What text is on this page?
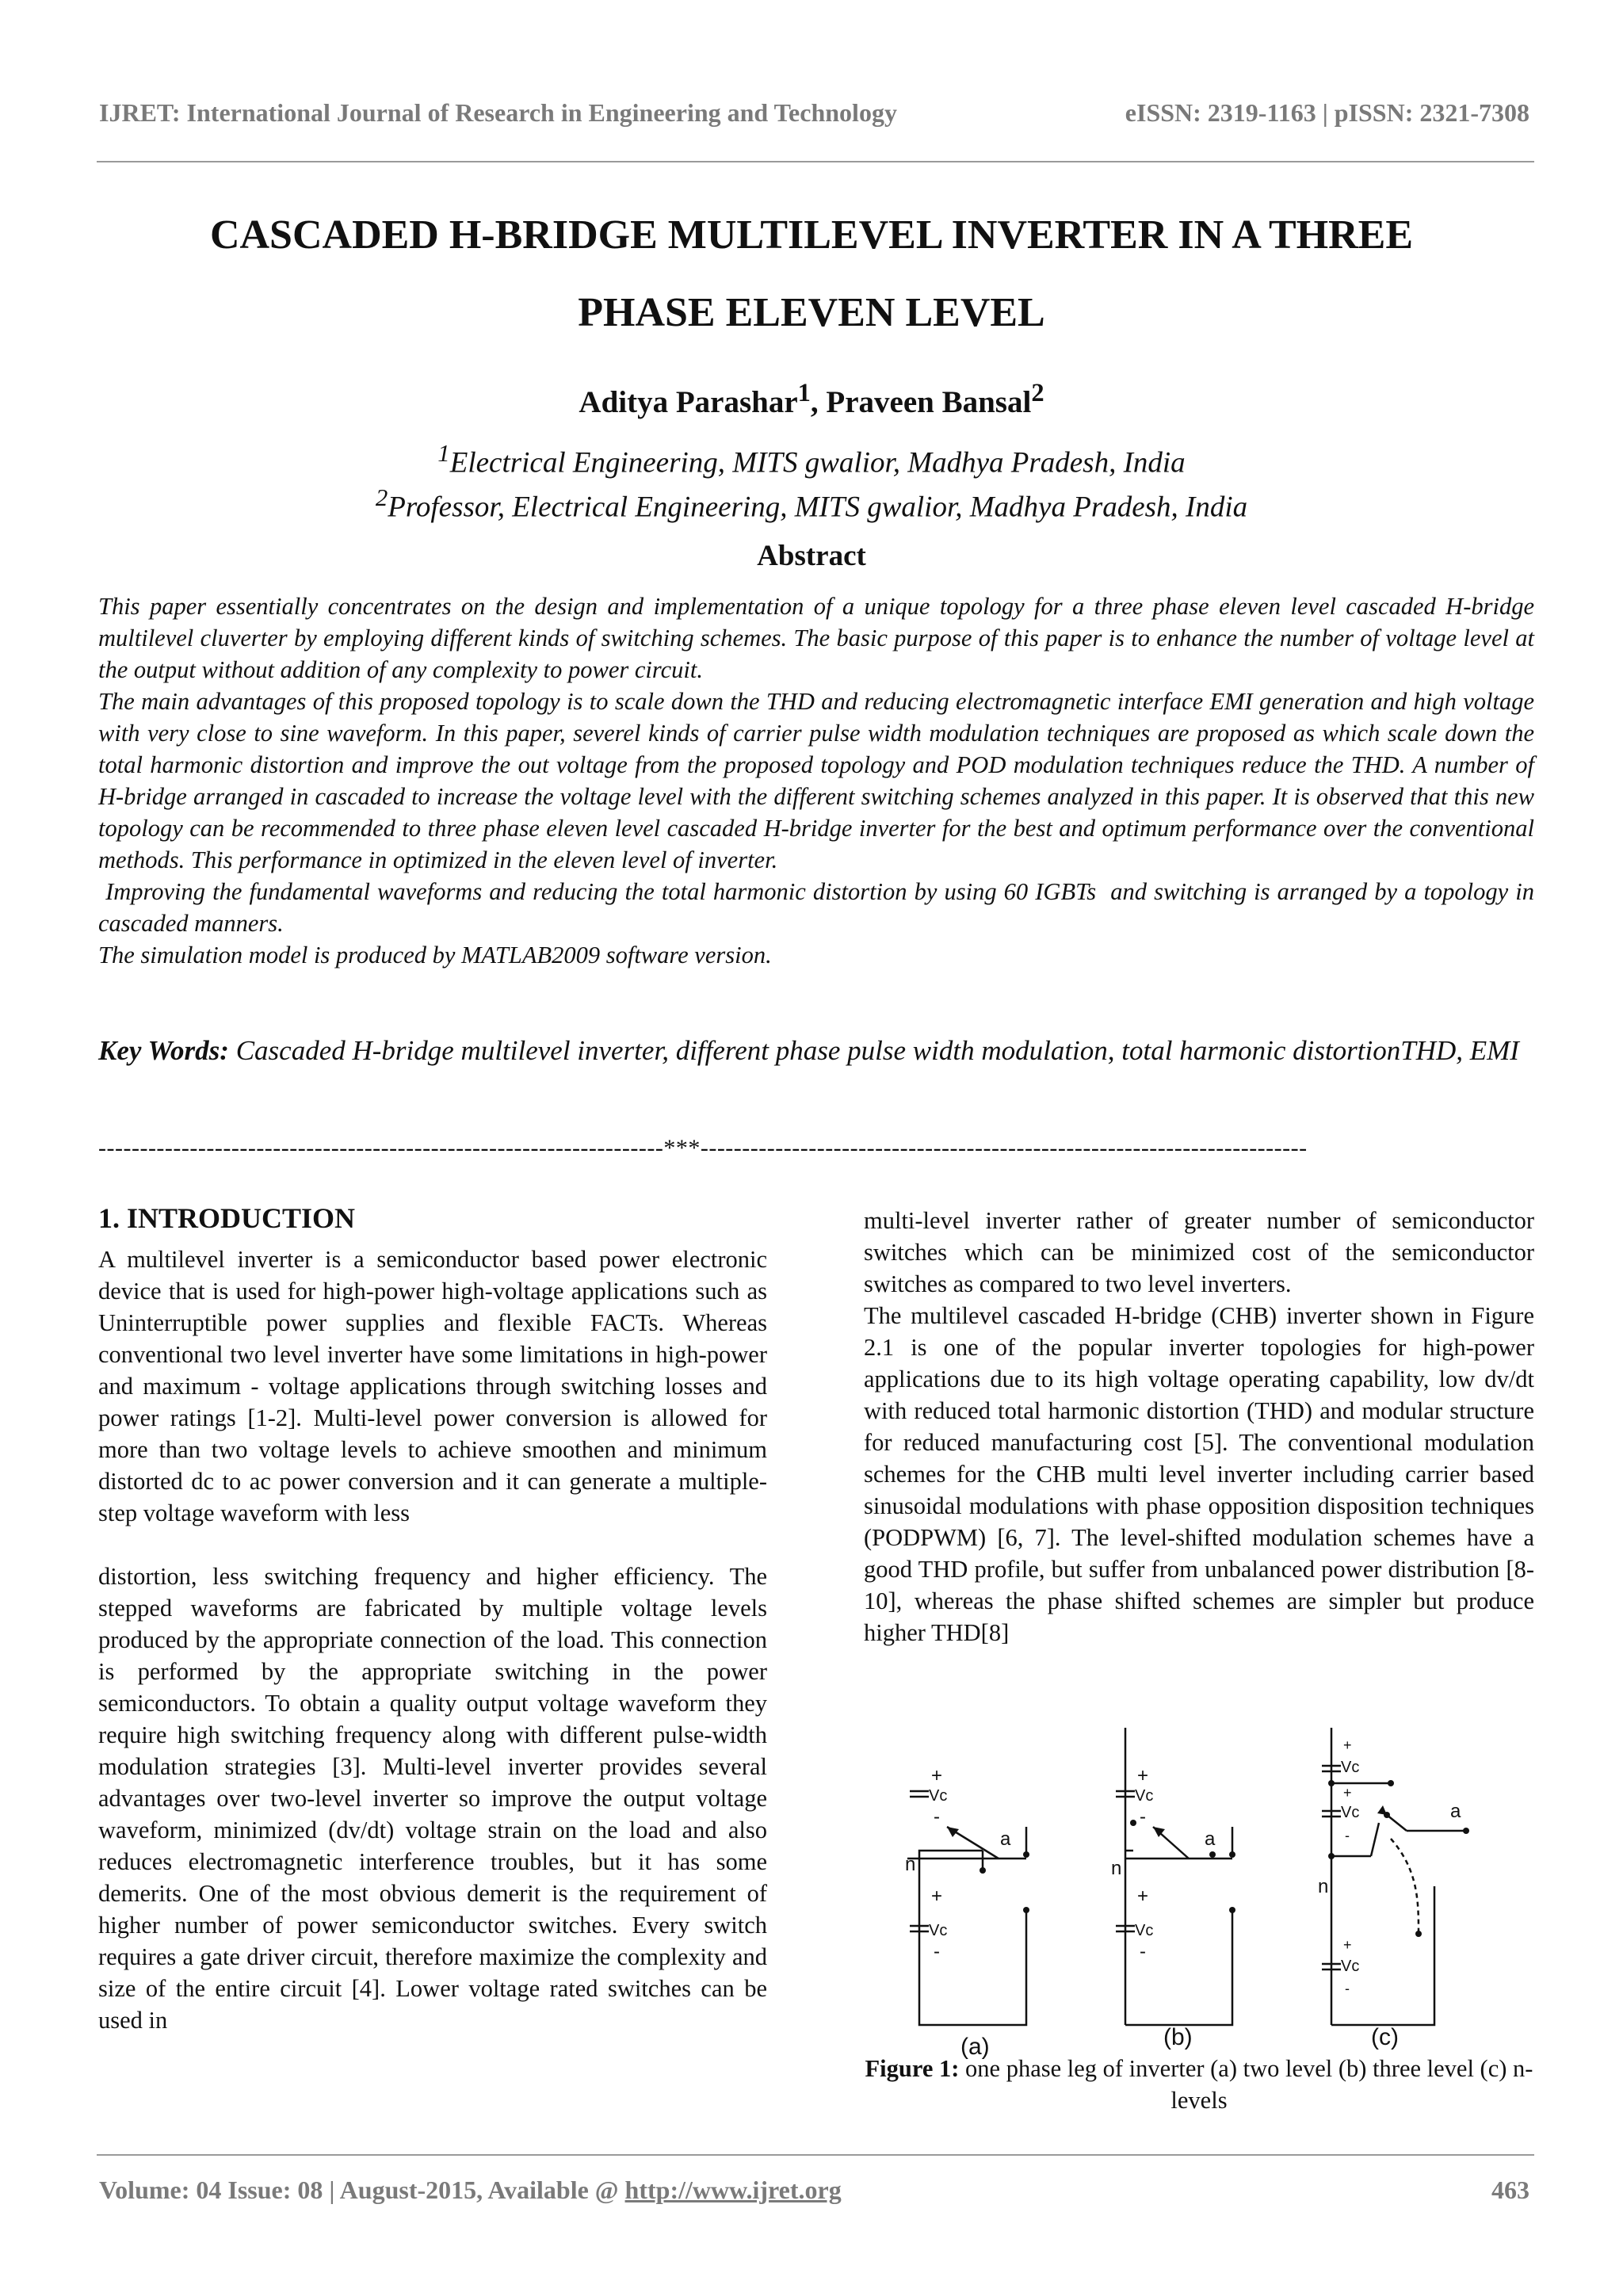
IJRET: International Journal of Research in Engineering and Technology	eISSN: 2319-1163 | pISSN: 2321-7308
CASCADED H-BRIDGE MULTILEVEL INVERTER IN A THREE
PHASE ELEVEN LEVEL
Aditya Parashar$^1$, Praveen Bansal$^2$
$^1$Electrical Engineering, MITS gwalior, Madhya Pradesh, India
$^2$Professor, Electrical Engineering, MITS gwalior, Madhya Pradesh, India
Abstract

This paper essentially concentrates on the design and implementation of a unique topology for a three phase eleven level cascaded H-bridge multilevel cluverter by employing different kinds of switching schemes. The basic purpose of this paper is to enhance the number of voltage level at the output without addition of any complexity to power circuit.

The main advantages of this proposed topology is to scale down the THD and reducing electromagnetic interface EMI generation and high voltage with very close to sine waveform. In this paper, severel kinds of carrier pulse width modulation techniques are proposed as which scale down the total harmonic distortion and improve the out voltage from the proposed topology and POD modulation techniques reduce the THD. A number of H-bridge arranged in cascaded to increase the voltage level with the different switching schemes analyzed in this paper. It is observed that this new topology can be recommended to three phase eleven level cascaded H-bridge inverter for the best and optimum performance over the conventional methods. This performance in optimized in the eleven level of inverter.

Improving the fundamental waveforms and reducing the total harmonic distortion by using 60 IGBTs  and switching is arranged by a topology in cascaded manners.

The simulation model is produced by MATLAB2009 software version.

Key Words: Cascaded H-bridge multilevel inverter, different phase pulse width modulation, total harmonic distortionTHD, EMI
--------------------------------------------------------------------***-------------------------------------------------------------------------
1. INTRODUCTION

A multilevel inverter is a semiconductor based power electronic device that is used for high-power high-voltage applications such as Uninterruptible power supplies and flexible FACTs. Whereas conventional two level inverter have some limitations in high-power and maximum - voltage applications through switching losses and power ratings [1-2]. Multi-level power conversion is allowed for more than two voltage levels to achieve smoothen and minimum distorted dc to ac power conversion and it can generate a multiple-step voltage waveform with less

distortion, less switching frequency and higher efficiency. The stepped waveforms are fabricated by multiple voltage levels produced by the appropriate connection of the load. This connection is performed by the appropriate switching in the power semiconductors. To obtain a quality output voltage waveform they require high switching frequency along with different pulse-width modulation strategies [3]. Multi-level inverter provides several advantages over two-level inverter so improve the output voltage waveform, minimized (dv/dt) voltage strain on the load and also reduces electromagnetic interference troubles, but it has some demerits. One of the most obvious demerit is the requirement of higher number of power semiconductor switches. Every switch requires a gate driver circuit, therefore maximize the complexity and size of the entire circuit [4]. Lower voltage rated switches can be used in

multi-level inverter rather of greater number of semiconductor switches which can be minimized cost of the semiconductor switches as compared to two level inverters.

The multilevel cascaded H-bridge (CHB) inverter shown in Figure 2.1 is one of the popular inverter topologies for high-power applications due to its high voltage operating capability, low dv/dt with reduced total harmonic distortion (THD) and modular structure for reduced manufacturing cost [5]. The conventional modulation schemes for the CHB multi level inverter including carrier based sinusoidal modulations with phase opposition disposition techniques (PODPWM) [6, 7]. The level-shifted modulation schemes have a good THD profile, but suffer from unbalanced power distribution [8-10], whereas the phase shifted schemes are simpler but produce higher THD[8]

+
Vc
-
n
a
+
Vc
-
+
Vc
-
n
a
+
Vc
-
+
Vc
+
Vc
-
n
a
+
Vc
-
(a)	(b)	(c)
Figure 1: one phase leg of inverter (a) two level (b) three level (c) n-levels
Volume: 04 Issue: 08 | August-2015, Available @ http://www.ijret.org	463
